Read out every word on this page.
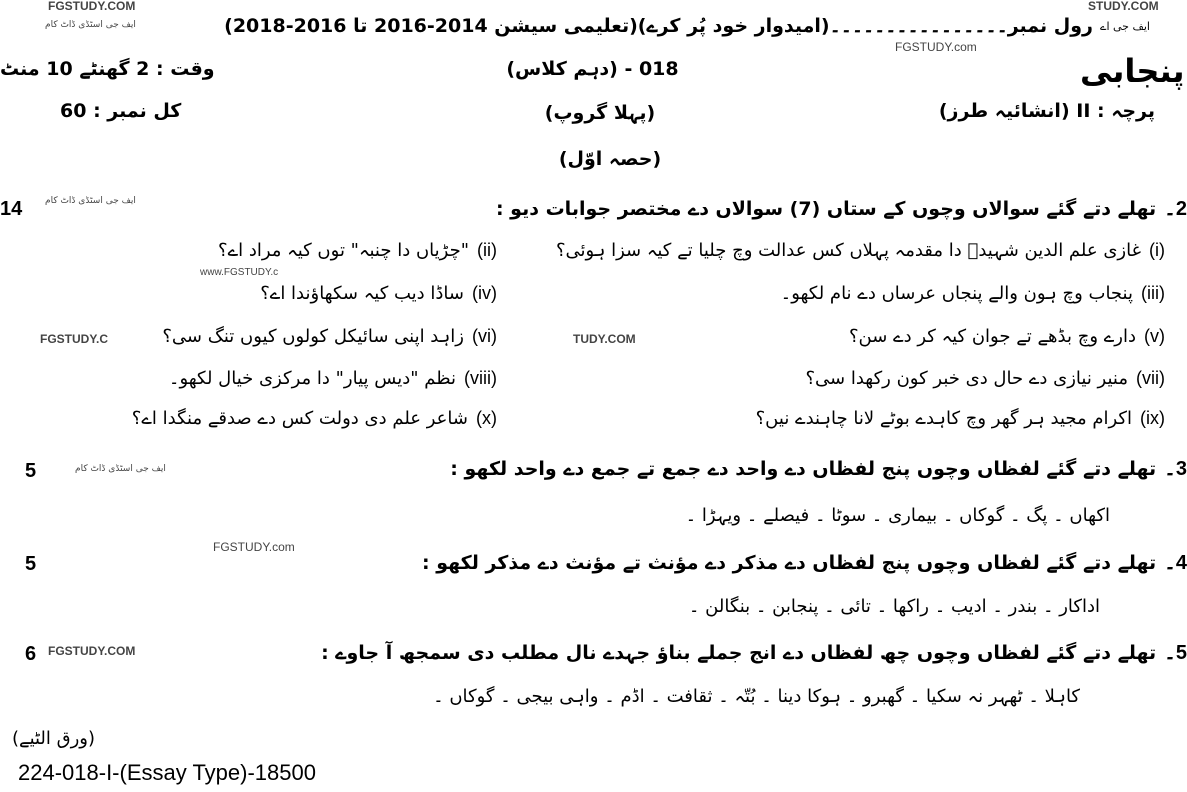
FGSTUDY.COM	STUDY.COM
ایف جی اسٹڈی ڈاٹ کام
FGSTUDY.com
ایف جی اسٹڈی ڈاٹ کام
ایف جی اسٹڈی ڈاٹ کام
FGSTUDY.com
FGSTUDY.COM
FGSTUDY.C	TUDY.COM
www.FGSTUDY.c
رول نمبر۔۔۔۔۔۔۔۔۔۔۔۔۔۔۔۔(امیدوار خود پُر کرے)(تعلیمی سیشن 2014-2016 تا 2016-2018) ایف جی اے
وقت : 2 گھنٹے 10 منٹ	018 - (دہم کلاس)	پنجابی
کل نمبر : 60	(پہلا گروپ)	پرچہ : II (انشائیہ طرز)
(حصہ اوّل)
14	2۔
تھلے دتے گئے سوالاں وچوں کے ستاں (7) سوالاں دے مختصر جوابات دیو :
(i)
غازی علم الدین شہیدؒ دا مقدمہ پہلاں کس عدالت وچ چلیا تے کیہ سزا ہوئی؟
(ii)
"چڑیاں دا چنبہ" توں کیہ مراد اے؟
(iii)
پنجاب وچ ہون والے پنجاں عرساں دے نام لکھو۔
(iv)
ساڈا دیب کیہ سکھاؤندا اے؟
(v)
دارے وچ بڈھے تے جوان کیہ کر دے سن؟
(vi)
زاہد اپنی سائیکل کولوں کیوں تنگ سی؟
(vii)
منیر نیازی دے حال دی خبر کون رکھدا سی؟
(viii)
نظم "دیس پیار" دا مرکزی خیال لکھو۔
(ix)
اکرام مجید ہر گھر وچ کاہدے بوٹے لانا چاہندے نیں؟
(x)
شاعر علم دی دولت کس دے صدقے منگدا اے؟
5	3۔
تھلے دتے گئے لفظاں وچوں پنج لفظاں دے واحد دے جمع تے جمع دے واحد لکھو :
اکھاں ۔ پگ ۔ گوکاں ۔ بیماری ۔ سوٹا ۔ فیصلے ۔ ویہڑا ۔
5	4۔
تھلے دتے گئے لفظاں وچوں پنج لفظاں دے مذکر دے مؤنث تے مؤنث دے مذکر لکھو :
اداکار ۔ بندر ۔ ادیب ۔ راکھا ۔ تائی ۔ پنجابن ۔ بنگالن ۔
6	5۔
تھلے دتے گئے لفظاں وچوں چھ لفظاں دے انج جملے بناؤ جہدے نال مطلب دی سمجھ آ جاوے :
کاہلا ۔ ٹھہر نہ سکیا ۔ گھبرو ۔ ہوکا دینا ۔ بُتّہ ۔ ثقافت ۔ اڈم ۔ واہی بیجی ۔ گوکاں ۔
(ورق الٹیے)
224-018-I-(Essay Type)-18500
